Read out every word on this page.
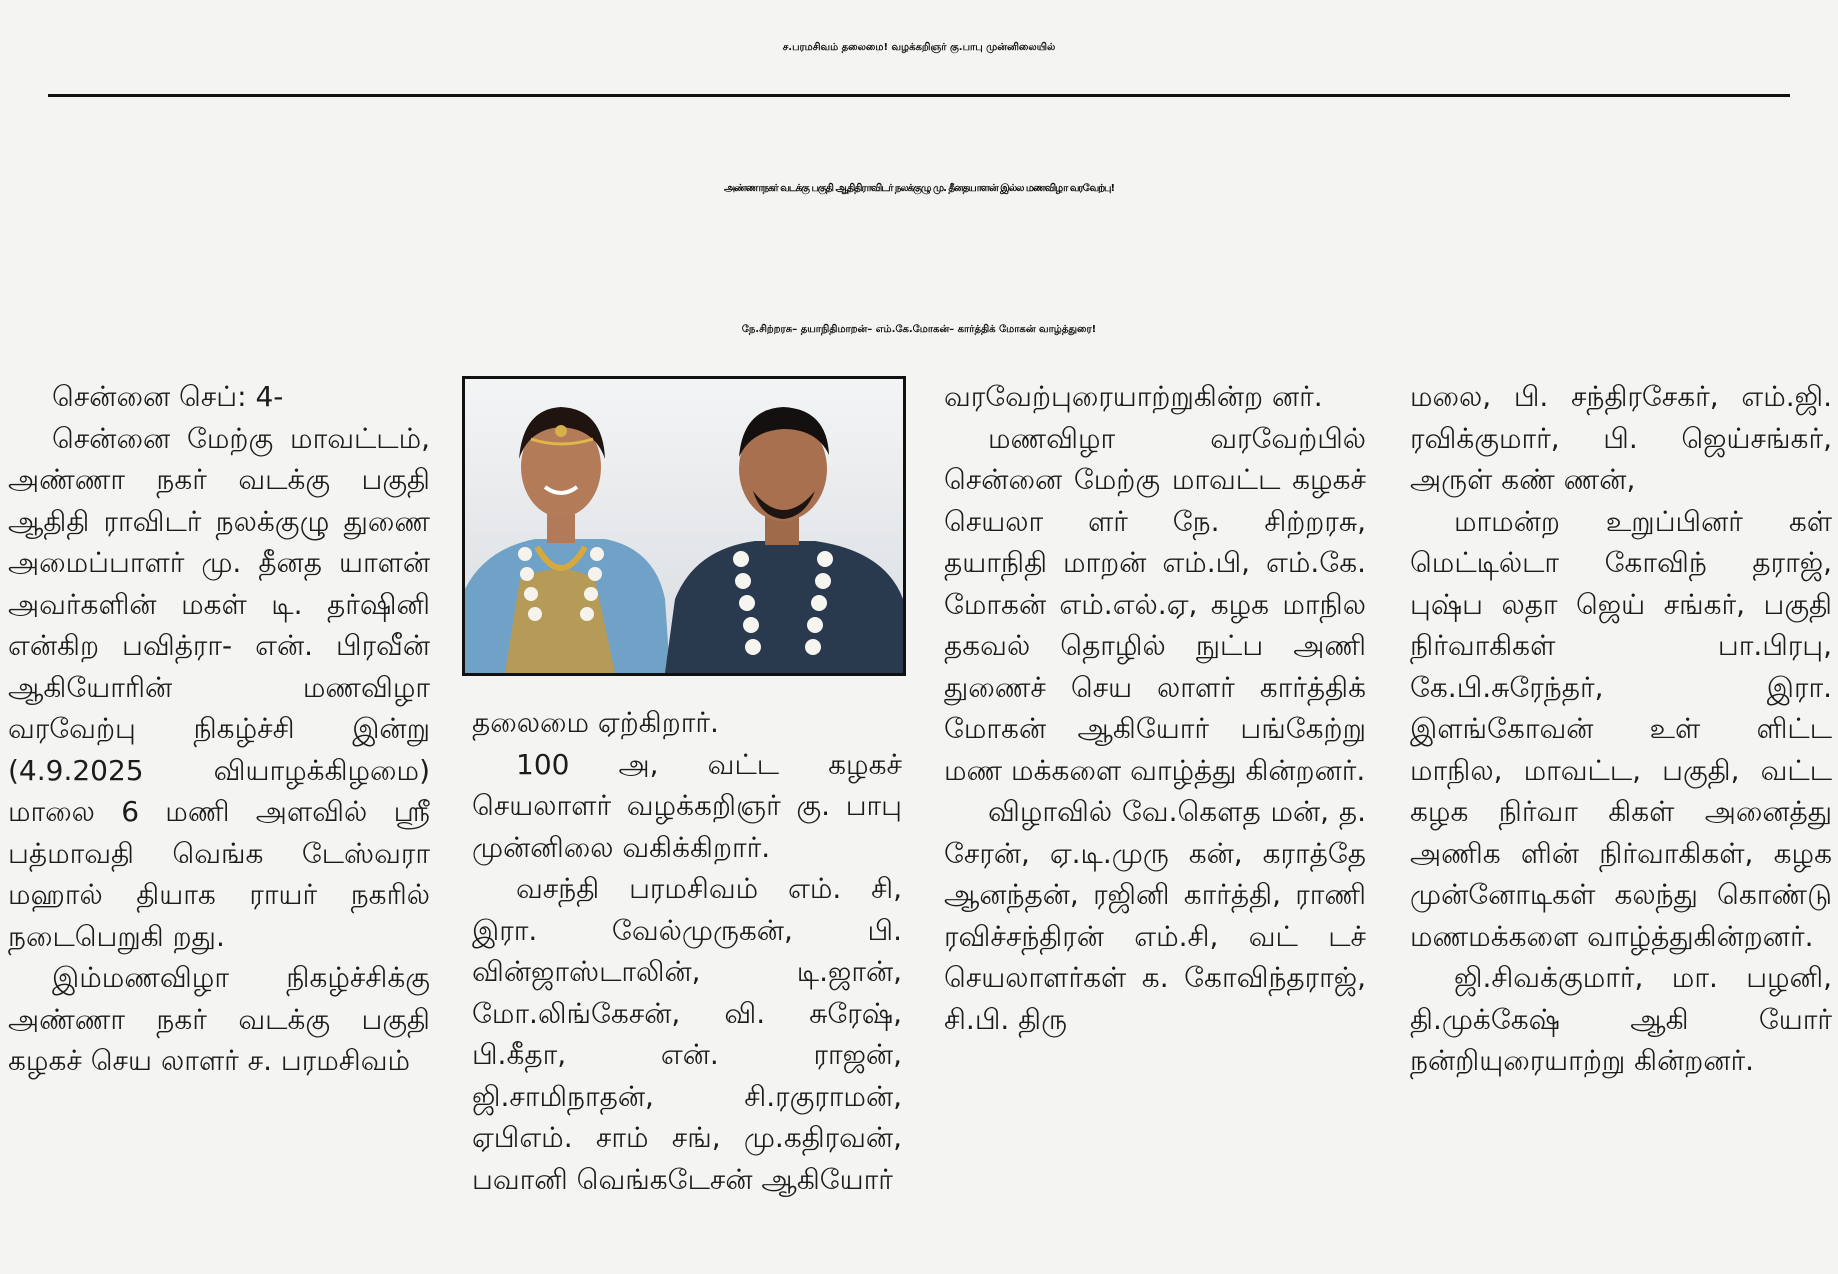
ச.பரமசிவம் தலைமை! வழக்கறிஞர் கு.பாபு முன்னிலையில்
அண்ணாநகர் வடக்கு பகுதி ஆதிதிராவிடர் நலக்குழு மு. தீனதயாளன் இல்ல மணவிழா வரவேற்பு!
நே.சிற்றரசு– தயாநிதிமாறன்– எம்.கே.மோகன்– கார்த்திக் மோகன் வாழ்த்துரை!

சென்னை செப்: 4-

சென்னை மேற்கு மாவட்டம், அண்ணா நகர் வடக்கு பகுதி ஆதிதி ராவிடர் நலக்குழு துணை அமைப்பாளர் மு. தீனத யாளன் அவர்களின் மகள் டி. தர்ஷினி என்கிற பவித்ரா- என். பிரவீன் ஆகியோரின் மணவிழா வரவேற்பு நிகழ்ச்சி இன்று (4.9.2025 வியாழக்கிழமை) மாலை 6 மணி அளவில் ஸ்ரீ பத்மாவதி வெங்க டேஸ்வரா மஹால் தியாக ராயர் நகரில் நடைபெறுகி றது.

இம்மணவிழா நிகழ்ச்சிக்கு அண்ணா நகர் வடக்கு பகுதி கழகச் செய லாளர் ச. பரமசிவம்

தலைமை ஏற்கிறார்.

100 அ, வட்ட கழகச் செயலாளர் வழக்கறிஞர் கு. பாபு முன்னிலை வகிக்கிறார்.

வசந்தி பரமசிவம் எம். சி, இரா. வேல்முருகன், பி. வின்ஜாஸ்டாலின், டி.ஜான், மோ.லிங்கேசன், வி. சுரேஷ், பி.கீதா, என். ராஜன், ஜி.சாமிநாதன், சி.ரகுராமன், ஏபிஎம். சாம் சங், மு.கதிரவன், பவானி வெங்கடேசன் ஆகியோர்

வரவேற்புரையாற்றுகின்ற னர்.

மணவிழா வரவேற்பில் சென்னை மேற்கு மாவட்ட கழகச் செயலா ளர் நே. சிற்றரசு, தயாநிதி மாறன் எம்.பி, எம்.கே. மோகன் எம்.எல்.ஏ, கழக மாநில தகவல் தொழில் நுட்ப அணி துணைச் செய லாளர் கார்த்திக் மோகன் ஆகியோர் பங்கேற்று மண மக்களை வாழ்த்து கின்றனர்.

விழாவில் வே.கௌத மன், த. சேரன், ஏ.டி.முரு கன், கராத்தே ஆனந்தன், ரஜினி கார்த்தி, ராணி ரவிச்சந்திரன் எம்.சி, வட் டச் செயலாளர்கள் க. கோவிந்தராஜ், சி.பி. திரு

மலை, பி. சந்திரசேகர், எம்.ஜி. ரவிக்குமார், பி. ஜெய்சங்கர், அருள் கண் ணன்,

மாமன்ற உறுப்பினர் கள் மெட்டில்டா கோவிந் தராஜ், புஷ்ப லதா ஜெய் சங்கர், பகுதி நிர்வாகிகள் பா.பிரபு, கே.பி.சுரேந்தர், இரா. இளங்கோவன் உள் ளிட்ட மாநில, மாவட்ட, பகுதி, வட்ட கழக நிர்வா கிகள் அனைத்து அணிக ளின் நிர்வாகிகள், கழக முன்னோடிகள் கலந்து கொண்டு மணமக்களை வாழ்த்துகின்றனர்.

ஜி.சிவக்குமார், மா. பழனி, தி.முக்கேஷ் ஆகி யோர் நன்றியுரையாற்று கின்றனர்.
